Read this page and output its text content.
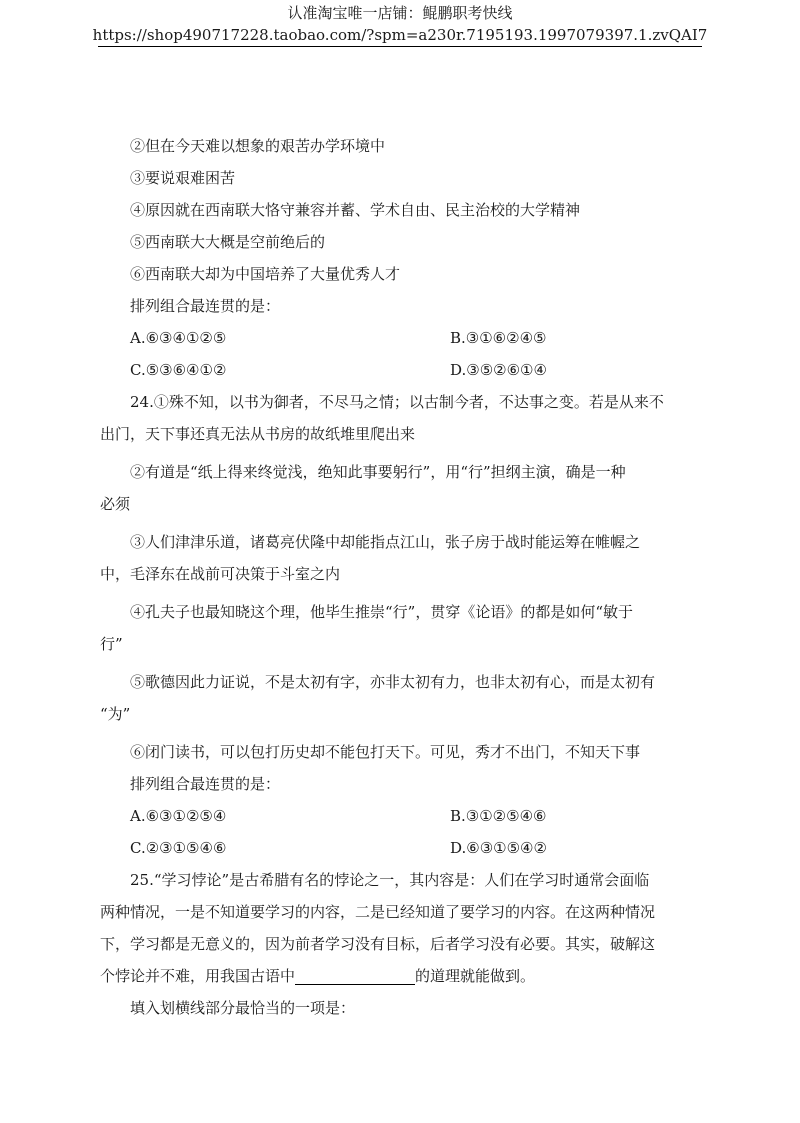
认准淘宝唯一店铺：鲲鹏职考快线
https://shop490717228.taobao.com/?spm=a230r.7195193.1997079397.1.zvQAI7
②但在今天难以想象的艰苦办学环境中
③要说艰难困苦
④原因就在西南联大恪守兼容并蓄、学术自由、民主治校的大学精神
⑤西南联大大概是空前绝后的
⑥西南联大却为中国培养了大量优秀人才
排列组合最连贯的是：
A.⑥③④①②⑤	B.③①⑥②④⑤
C.⑤③⑥④①②	D.③⑤②⑥①④
24.①殊不知，以书为御者，不尽马之情；以古制今者，不达事之变。若是从来不
出门，天下事还真无法从书房的故纸堆里爬出来
②有道是“纸上得来终觉浅，绝知此事要躬行”，用“行”担纲主演，确是一种
必须
③人们津津乐道，诸葛亮伏隆中却能指点江山，张子房于战时能运筹在帷幄之
中，毛泽东在战前可决策于斗室之内
④孔夫子也最知晓这个理，他毕生推崇“行”，贯穿《论语》的都是如何“敏于
行”
⑤歌德因此力证说，不是太初有字，亦非太初有力，也非太初有心，而是太初有
“为”
⑥闭门读书，可以包打历史却不能包打天下。可见，秀才不出门，不知天下事
排列组合最连贯的是：
A.⑥③①②⑤④	B.③①②⑤④⑥
C.②③①⑤④⑥	D.⑥③①⑤④②
25.“学习悖论”是古希腊有名的悖论之一，其内容是：人们在学习时通常会面临
两种情况，一是不知道要学习的内容，二是已经知道了要学习的内容。在这两种情况
下，学习都是无意义的，因为前者学习没有目标，后者学习没有必要。其实，破解这
个悖论并不难，用我国古语中	的道理就能做到。
填入划横线部分最恰当的一项是：
